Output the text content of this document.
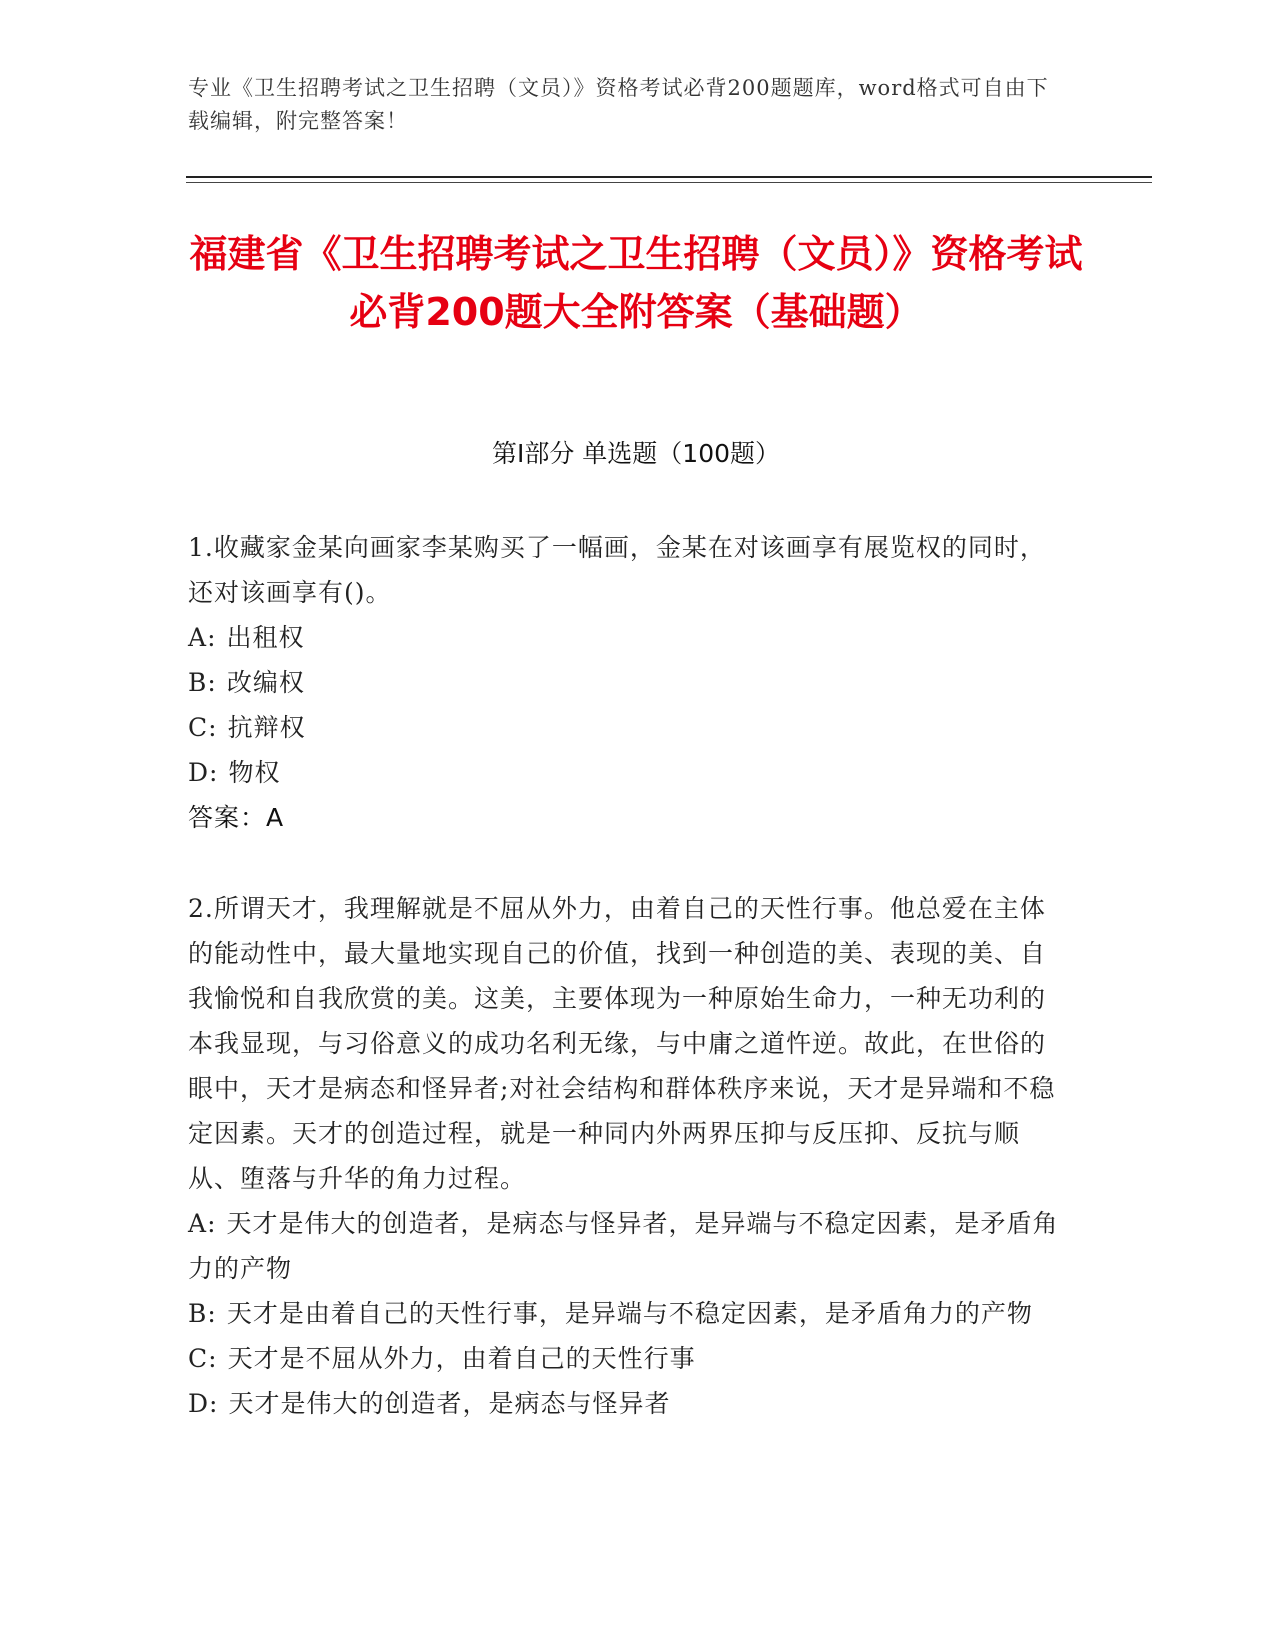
专业《卫生招聘考试之卫生招聘（文员）》资格考试必背200题题库，word格式可自由下载编辑，附完整答案！
福建省《卫生招聘考试之卫生招聘（文员）》资格考试必背200题大全附答案（基础题）
第Ⅰ部分 单选题（100题）
1.收藏家金某向画家李某购买了一幅画，金某在对该画享有展览权的同时，还对该画享有()。
A: 出租权
B: 改编权
C: 抗辩权
D: 物权
答案：A
2.所谓天才，我理解就是不屈从外力，由着自己的天性行事。他总爱在主体的能动性中，最大量地实现自己的价值，找到一种创造的美、表现的美、自我愉悦和自我欣赏的美。这美，主要体现为一种原始生命力，一种无功利的本我显现，与习俗意义的成功名利无缘，与中庸之道忤逆。故此，在世俗的眼中，天才是病态和怪异者;对社会结构和群体秩序来说，天才是异端和不稳定因素。天才的创造过程，就是一种同内外两界压抑与反压抑、反抗与顺从、堕落与升华的角力过程。
A: 天才是伟大的创造者，是病态与怪异者，是异端与不稳定因素，是矛盾角力的产物
B: 天才是由着自己的天性行事，是异端与不稳定因素，是矛盾角力的产物
C: 天才是不屈从外力，由着自己的天性行事
D: 天才是伟大的创造者，是病态与怪异者
